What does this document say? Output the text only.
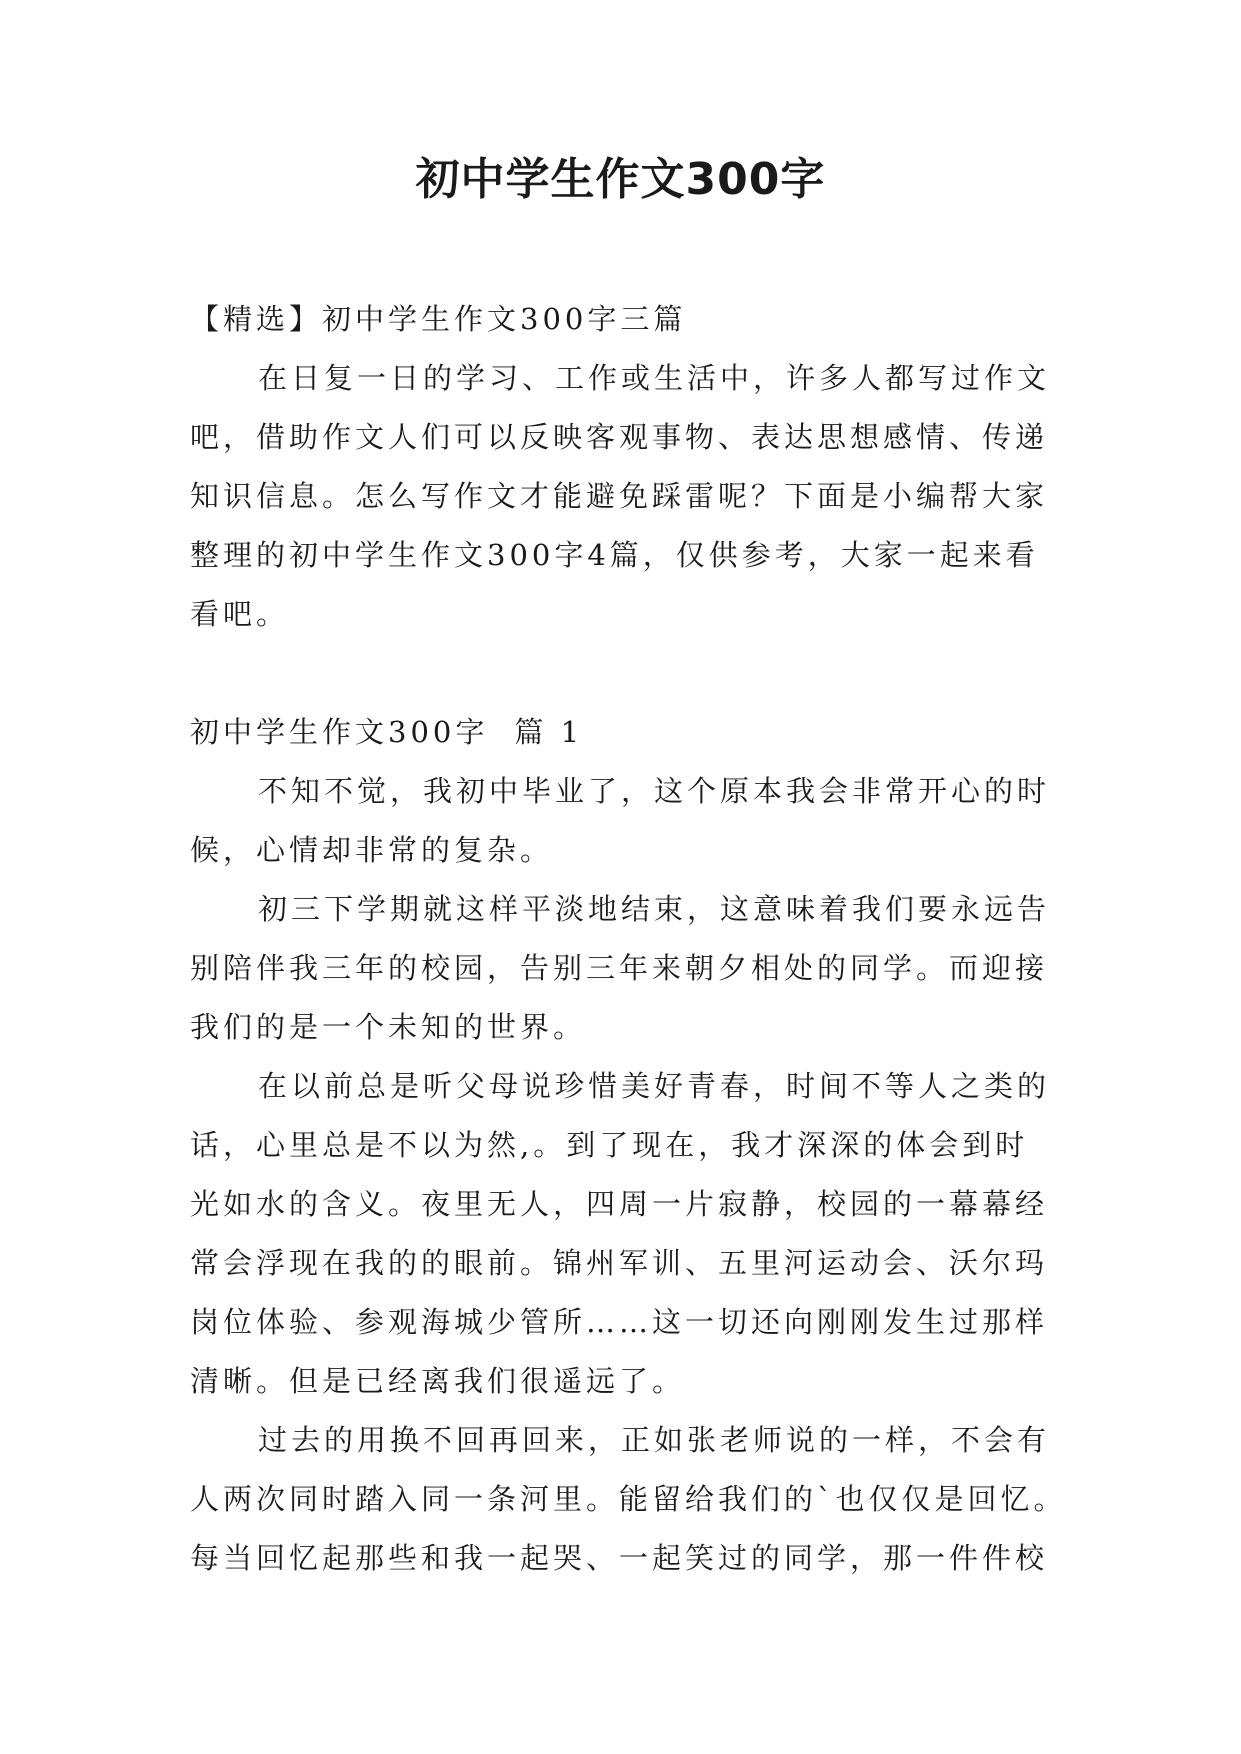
初中学生作文300字
【精选】初中学生作文300字三篇
在日复一日的学习、工作或生活中，许多人都写过作文
吧，借助作文人们可以反映客观事物、表达思想感情、传递
知识信息。怎么写作文才能避免踩雷呢？下面是小编帮大家
整理的初中学生作文300字4篇，仅供参考，大家一起来看
看吧。
初中学生作文300字 篇 1
不知不觉，我初中毕业了，这个原本我会非常开心的时
候，心情却非常的复杂。
初三下学期就这样平淡地结束，这意味着我们要永远告
别陪伴我三年的校园，告别三年来朝夕相处的同学。而迎接
我们的是一个未知的世界。
在以前总是听父母说珍惜美好青春，时间不等人之类的
话，心里总是不以为然,。到了现在，我才深深的体会到时
光如水的含义。夜里无人，四周一片寂静，校园的一幕幕经
常会浮现在我的的眼前。锦州军训、五里河运动会、沃尔玛
岗位体验、参观海城少管所……这一切还向刚刚发生过那样
清晰。但是已经离我们很遥远了。
过去的用换不回再回来，正如张老师说的一样，不会有
人两次同时踏入同一条河里。能留给我们的`也仅仅是回忆。
每当回忆起那些和我一起哭、一起笑过的同学，那一件件校
